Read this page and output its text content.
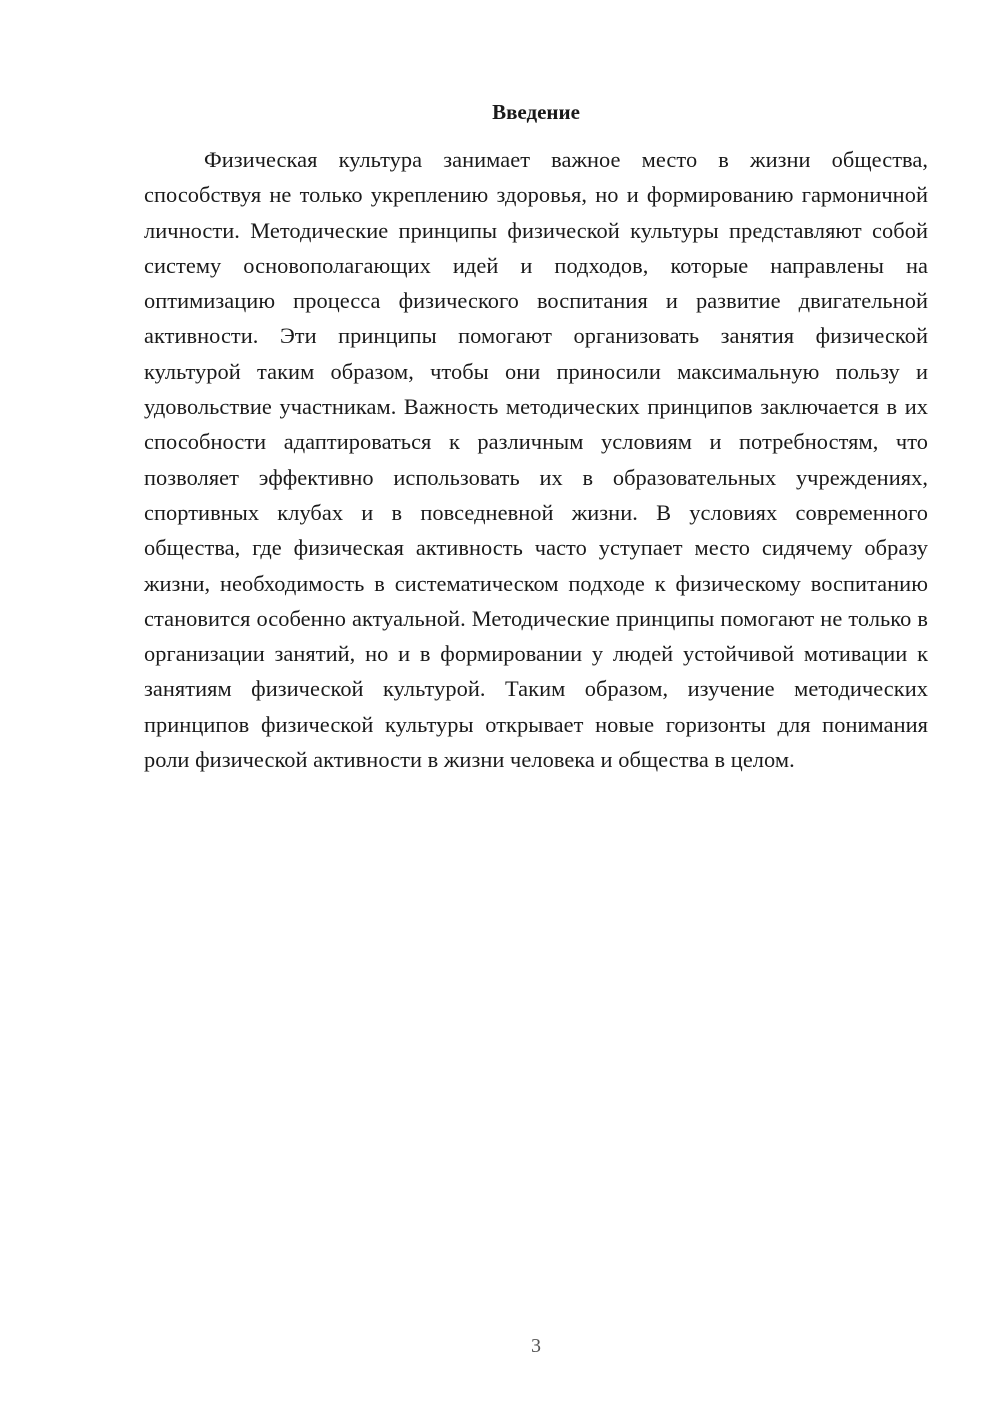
Введение

Физическая культура занимает важное место в жизни общества, способствуя не только укреплению здоровья, но и формированию гармоничной личности. Методические принципы физической культуры представляют собой систему основополагающих идей и подходов, которые направлены на оптимизацию процесса физического воспитания и развитие двигательной активности. Эти принципы помогают организовать занятия физической культурой таким образом, чтобы они приносили максимальную пользу и удовольствие участникам. Важность методических принципов заключается в их способности адаптироваться к различным условиям и потребностям, что позволяет эффективно использовать их в образовательных учреждениях, спортивных клубах и в повседневной жизни. В условиях современного общества, где физическая активность часто уступает место сидячему образу жизни, необходимость в систематическом подходе к физическому воспитанию становится особенно актуальной. Методические принципы помогают не только в организации занятий, но и в формировании у людей устойчивой мотивации к занятиям физической культурой. Таким образом, изучение методических принципов физической культуры открывает новые горизонты для понимания роли физической активности в жизни человека и общества в целом.

3
